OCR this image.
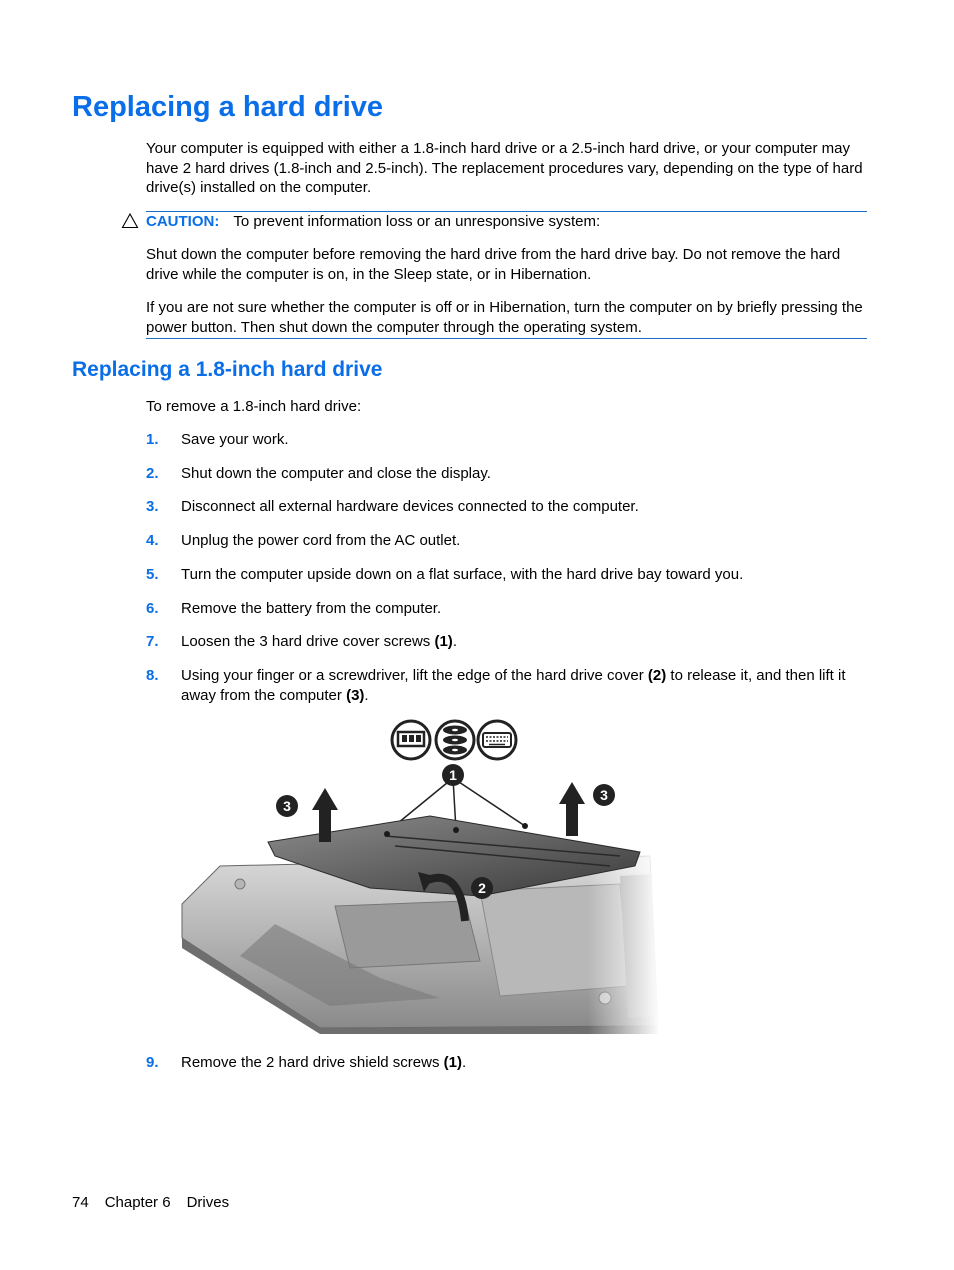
Replacing a hard drive

Your computer is equipped with either a 1.8-inch hard drive or a 2.5-inch hard drive, or your computer may have 2 hard drives (1.8-inch and 2.5-inch). The replacement procedures vary, depending on the type of hard drive(s) installed on the computer.

CAUTION: To prevent information loss or an unresponsive system:

Shut down the computer before removing the hard drive from the hard drive bay. Do not remove the hard drive while the computer is on, in the Sleep state, or in Hibernation.

If you are not sure whether the computer is off or in Hibernation, turn the computer on by briefly pressing the power button. Then shut down the computer through the operating system.

Replacing a 1.8-inch hard drive

To remove a 1.8-inch hard drive:

1. Save your work.
2. Shut down the computer and close the display.
3. Disconnect all external hardware devices connected to the computer.
4. Unplug the power cord from the AC outlet.
5. Turn the computer upside down on a flat surface, with the hard drive bay toward you.
6. Remove the battery from the computer.
7. Loosen the 3 hard drive cover screws (1).
8. Using your finger or a screwdriver, lift the edge of the hard drive cover (2) to release it, and then lift it away from the computer (3).
2
3
3
9. Remove the 2 hard drive shield screws (1).
74 Chapter 6 Drives
